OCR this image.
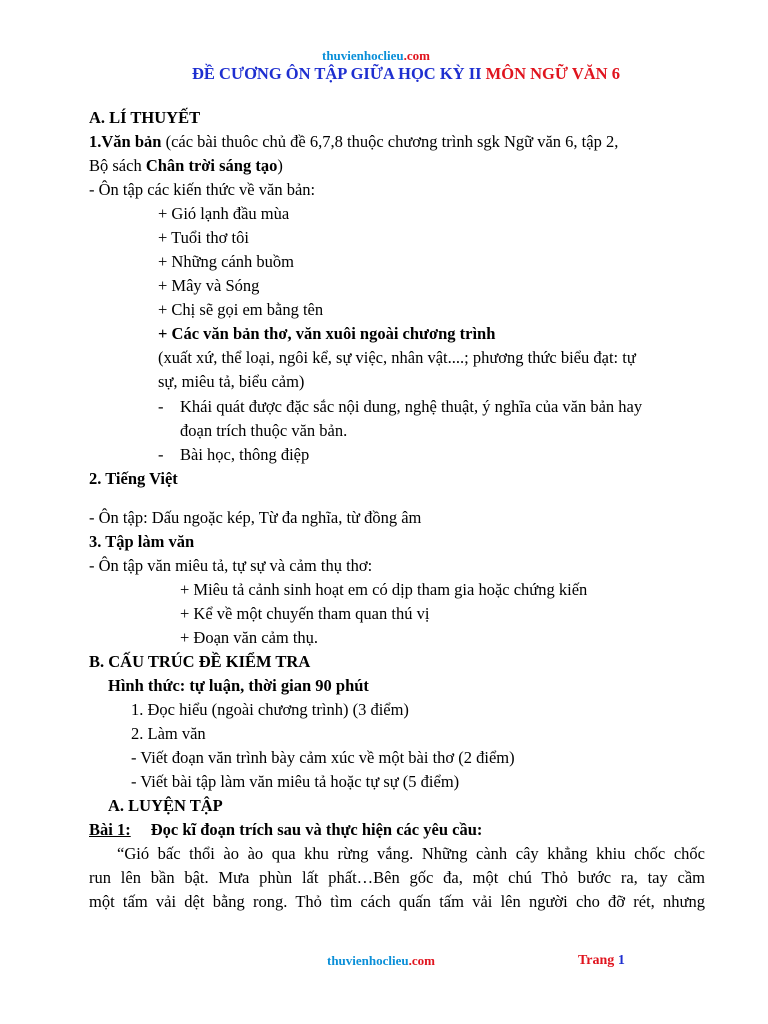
thuvienhoclieu.com
ĐỀ CƯƠNG ÔN TẬP GIỮA HỌC KỲ II MÔN NGỮ VĂN 6
A. LÍ THUYẾT
1.Văn bản (các bài thuôc chủ đề 6,7,8 thuộc chương trình sgk Ngữ văn 6, tập 2,
Bộ sách Chân trời sáng tạo)
- Ôn tập các kiến thức về văn bản:
+ Gió lạnh đầu mùa
+ Tuổi thơ tôi
+ Những cánh buồm
+ Mây và Sóng
+ Chị sẽ gọi em bằng tên
+ Các văn bản thơ, văn xuôi ngoài chương trình
(xuất xứ, thể loại, ngôi kể, sự việc, nhân vật....; phương thức biểu đạt: tự
sự, miêu tả, biểu cảm)
- Khái quát được đặc sắc nội dung, nghệ thuật, ý nghĩa của văn bản hay
đoạn trích thuộc văn bản.
- Bài học, thông điệp
2. Tiếng Việt
- Ôn tập: Dấu ngoặc kép, Từ đa nghĩa, từ đồng âm
3. Tập làm văn
- Ôn tập văn miêu tả, tự sự và cảm thụ thơ:
+ Miêu tả cảnh sinh hoạt em có dịp tham gia hoặc chứng kiến
+ Kể về một chuyến tham quan thú vị
+ Đoạn văn cảm thụ.
B. CẤU TRÚC ĐỀ KIỂM TRA
Hình thức: tự luận, thời gian 90 phút
1. Đọc hiểu (ngoài chương trình) (3 điểm)
2. Làm văn
- Viết đoạn văn trình bày cảm xúc về một bài thơ (2 điểm)
- Viết bài tập làm văn miêu tả hoặc tự sự (5 điểm)
A. LUYỆN TẬP
Bài 1: Đọc kĩ đoạn trích sau và thực hiện các yêu cầu:
“Gió bấc thổi ào ào qua khu rừng vắng. Những cành cây khẳng khiu chốc chốc
run lên bần bật. Mưa phùn lất phất…Bên gốc đa, một chú Thỏ bước ra, tay cầm
một tấm vải dệt bằng rong. Thỏ tìm cách quấn tấm vải lên người cho đỡ rét, nhưng
thuvienhoclieu.com	Trang 1
